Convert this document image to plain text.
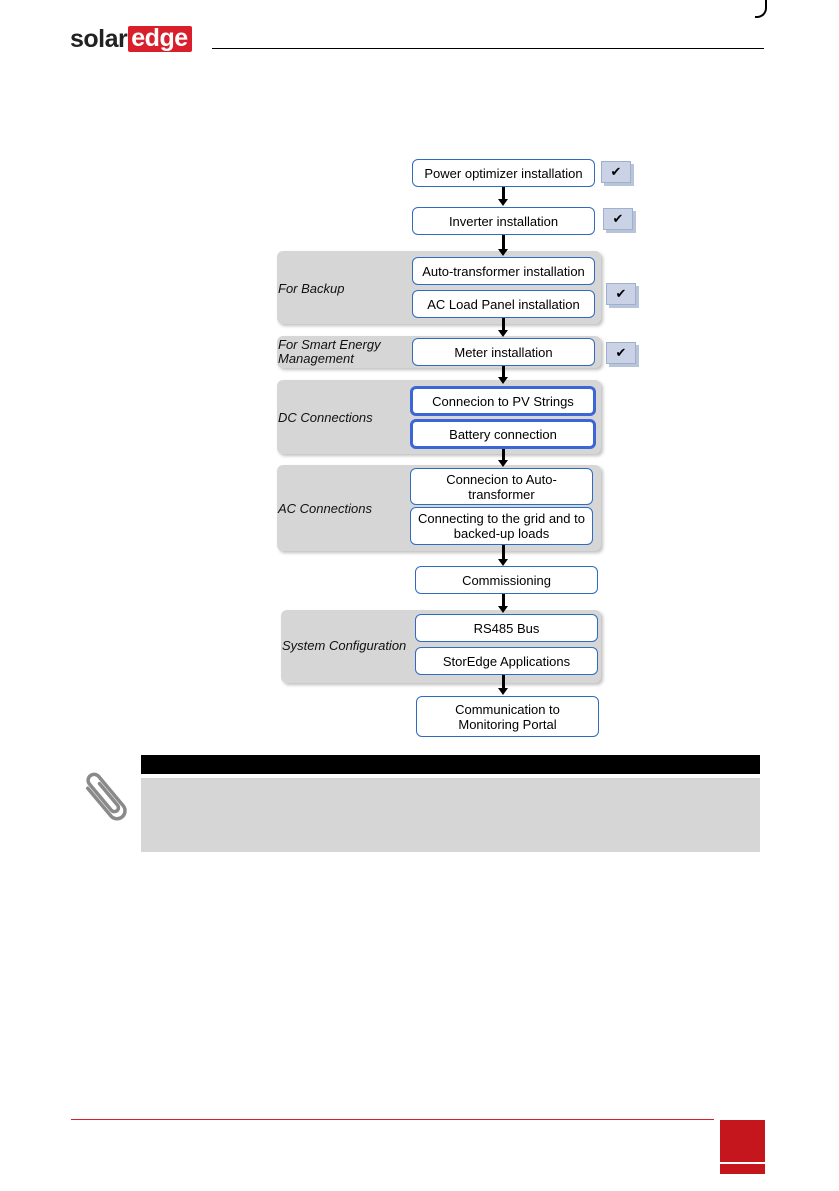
solar edge
For Backup
For Smart Energy Management
DC Connections
AC Connections
System Configuration
Power optimizer installation
Inverter installation
Auto-transformer installation
AC Load Panel installation
Meter installation
Connecion to PV Strings
Battery connection
Connecion to Auto-transformer
Connecting to the grid and to backed-up loads
Commissioning
RS485 Bus
StorEdge Applications
Communication to Monitoring Portal
✔
✔
✔
✔
